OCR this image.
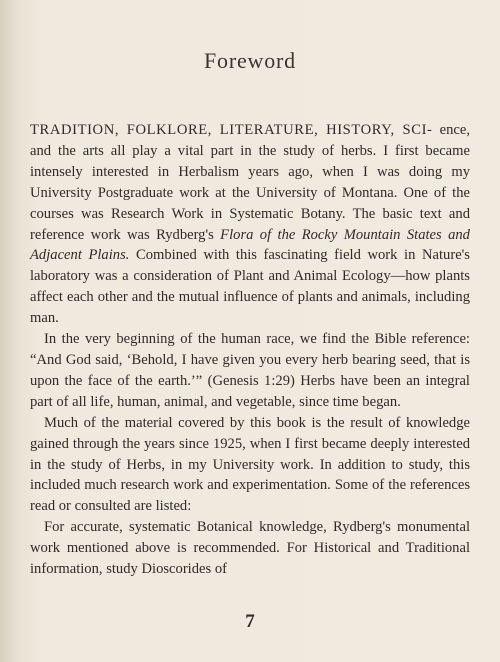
Foreword

TRADITION, FOLKLORE, LITERATURE, HISTORY, SCI- ence, and the arts all play a vital part in the study of herbs. I first became intensely interested in Herbalism years ago, when I was doing my University Postgraduate work at the University of Montana. One of the courses was Research Work in Systematic Botany. The basic text and reference work was Rydberg's Flora of the Rocky Mountain States and Adjacent Plains. Combined with this fascinating field work in Nature's laboratory was a consideration of Plant and Animal Ecology—how plants affect each other and the mutual influence of plants and animals, including man.

In the very beginning of the human race, we find the Bible reference: “And God said, ‘Behold, I have given you every herb bearing seed, that is upon the face of the earth.’” (Genesis 1:29) Herbs have been an integral part of all life, human, animal, and vegetable, since time began.

Much of the material covered by this book is the result of knowledge gained through the years since 1925, when I first became deeply interested in the study of Herbs, in my University work. In addition to study, this included much research work and experimentation. Some of the references read or consulted are listed:

For accurate, systematic Botanical knowledge, Rydberg's monumental work mentioned above is recommended. For Historical and Traditional information, study Dioscorides of

7
